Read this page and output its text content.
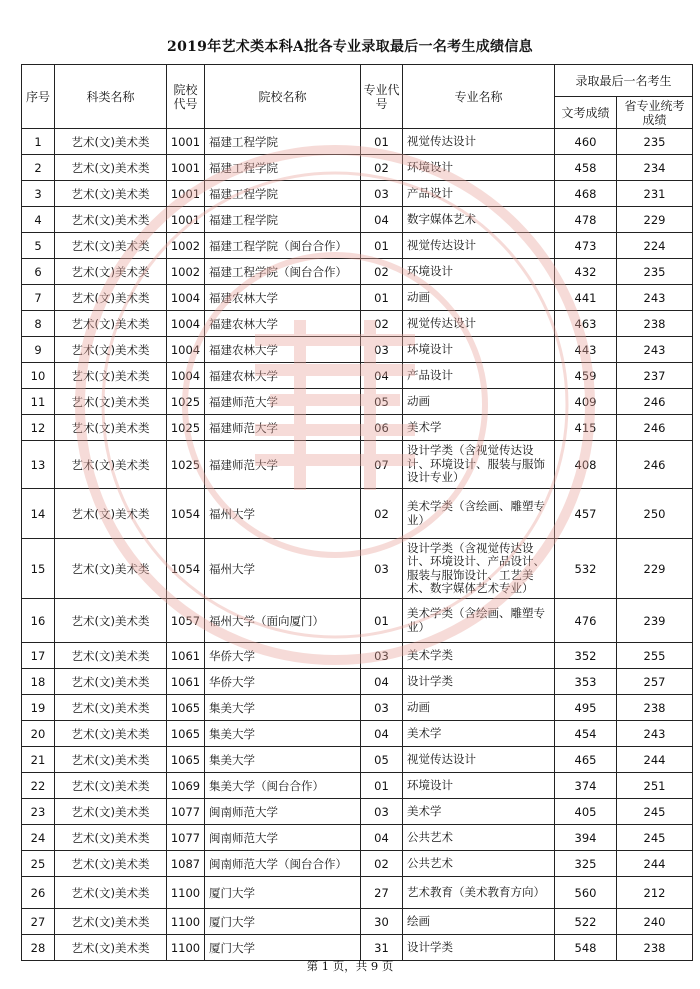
2019年艺术类本科A批各专业录取最后一名考生成绩信息
序号	科类名称	院校代号	院校名称	专业代号	专业名称	录取最后一名考生	
						文考成绩	省专业统考成绩
1	艺术(文)美术类	1001	福建工程学院	01	视觉传达设计	460	235
2	艺术(文)美术类	1001	福建工程学院	02	环境设计	458	234
3	艺术(文)美术类	1001	福建工程学院	03	产品设计	468	231
4	艺术(文)美术类	1001	福建工程学院	04	数字媒体艺术	478	229
5	艺术(文)美术类	1002	福建工程学院（闽台合作）	01	视觉传达设计	473	224
6	艺术(文)美术类	1002	福建工程学院（闽台合作）	02	环境设计	432	235
7	艺术(文)美术类	1004	福建农林大学	01	动画	441	243
8	艺术(文)美术类	1004	福建农林大学	02	视觉传达设计	463	238
9	艺术(文)美术类	1004	福建农林大学	03	环境设计	443	243
10	艺术(文)美术类	1004	福建农林大学	04	产品设计	459	237
11	艺术(文)美术类	1025	福建师范大学	05	动画	409	246
12	艺术(文)美术类	1025	福建师范大学	06	美术学	415	246
13	艺术(文)美术类	1025	福建师范大学	07	设计学类（含视觉传达设计、环境设计、服装与服饰设计专业）	408	246
14	艺术(文)美术类	1054	福州大学	02	美术学类（含绘画、雕塑专业）	457	250
15	艺术(文)美术类	1054	福州大学	03	设计学类（含视觉传达设计、环境设计、产品设计、服装与服饰设计、工艺美术、数字媒体艺术专业）	532	229
16	艺术(文)美术类	1057	福州大学（面向厦门）	01	美术学类（含绘画、雕塑专业）	476	239
17	艺术(文)美术类	1061	华侨大学	03	美术学类	352	255
18	艺术(文)美术类	1061	华侨大学	04	设计学类	353	257
19	艺术(文)美术类	1065	集美大学	03	动画	495	238
20	艺术(文)美术类	1065	集美大学	04	美术学	454	243
21	艺术(文)美术类	1065	集美大学	05	视觉传达设计	465	244
22	艺术(文)美术类	1069	集美大学（闽台合作）	01	环境设计	374	251
23	艺术(文)美术类	1077	闽南师范大学	03	美术学	405	245
24	艺术(文)美术类	1077	闽南师范大学	04	公共艺术	394	245
25	艺术(文)美术类	1087	闽南师范大学（闽台合作）	02	公共艺术	325	244
26	艺术(文)美术类	1100	厦门大学	27	艺术教育（美术教育方向）	560	212
27	艺术(文)美术类	1100	厦门大学	30	绘画	522	240
28	艺术(文)美术类	1100	厦门大学	31	设计学类	548	238
第 1 页，共 9 页
